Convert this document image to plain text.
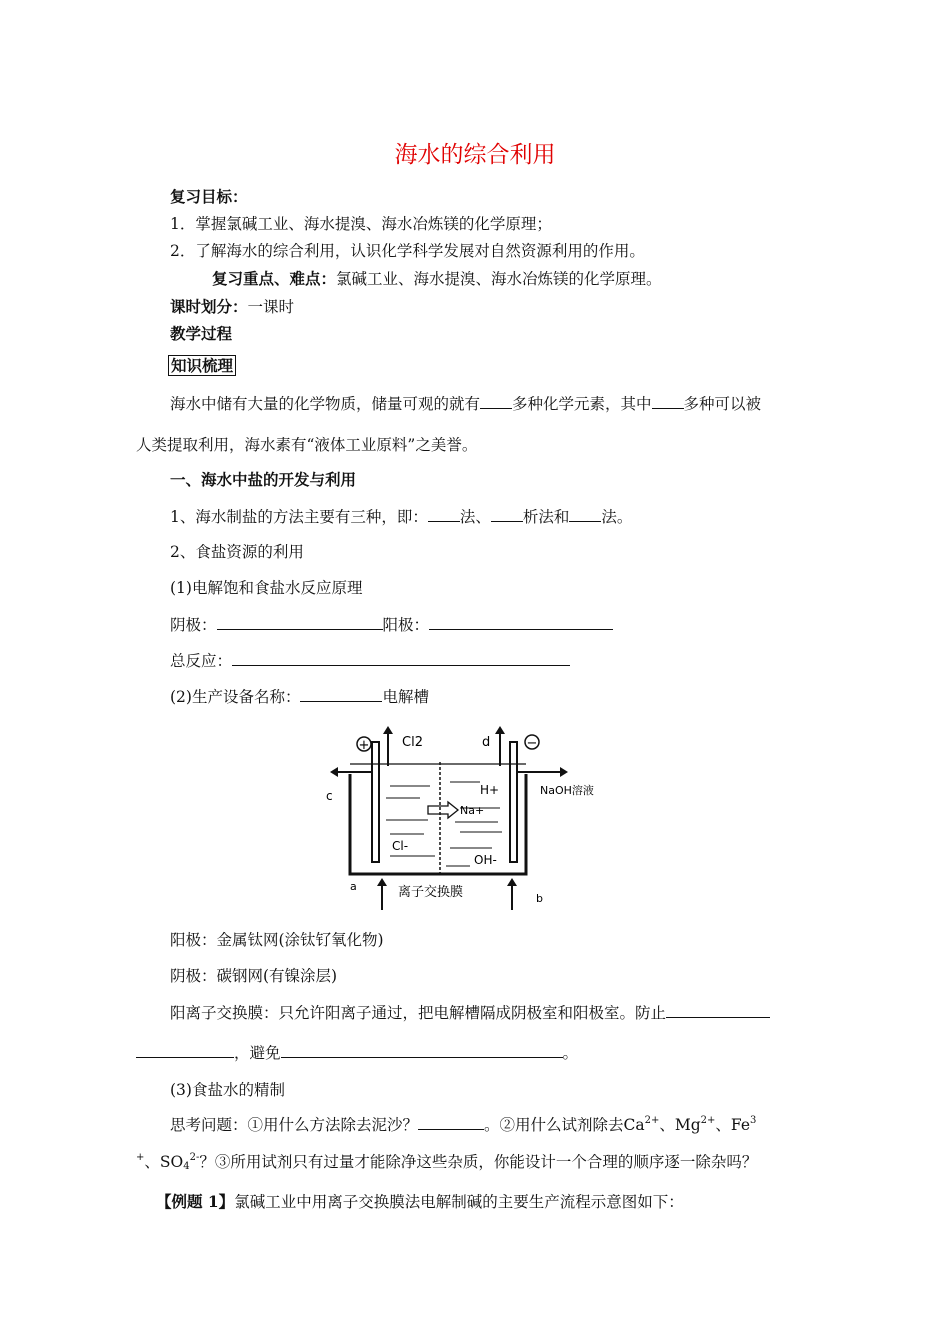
海水的综合利用
复习目标：
1．掌握氯碱工业、海水提溴、海水冶炼镁的化学原理；
2．了解海水的综合利用，认识化学科学发展对自然资源利用的作用。
复习重点、难点：氯碱工业、海水提溴、海水冶炼镁的化学原理。
课时划分：一课时
教学过程
知识梳理
海水中储有大量的化学物质，储量可观的就有 多种化学元素，其中 多种可以被
人类提取利用，海水素有“液体工业原料”之美誉。
一、海水中盐的开发与利用
1、海水制盐的方法主要有三种，即： 法、 析法和 法。
2、食盐资源的利用
(1)电解饱和食盐水反应原理
阴极：	阳极：
总反应：
(2)生产设备名称：	电解槽
+	−
Cl2	d
c	H+
Na+
NaOH溶液
Cl-
OH-
a	离子交换膜	b
阳极：金属钛网(涂钛钌氧化物)
阴极：碳钢网(有镍涂层)
阳离子交换膜：只允许阳离子通过，把电解槽隔成阴极室和阳极室。防止
，避免	。
(3)食盐水的精制
思考问题：①用什么方法除去泥沙？	。②用什么试剂除去$Ca^{2+}$、$Mg^{2+}$、Fe$^3$
+、$SO_4^{2-}$？③所用试剂只有过量才能除净这些杂质，你能设计一个合理的顺序逐一除杂吗？
【例题 1】氯碱工业中用离子交换膜法电解制碱的主要生产流程示意图如下：
